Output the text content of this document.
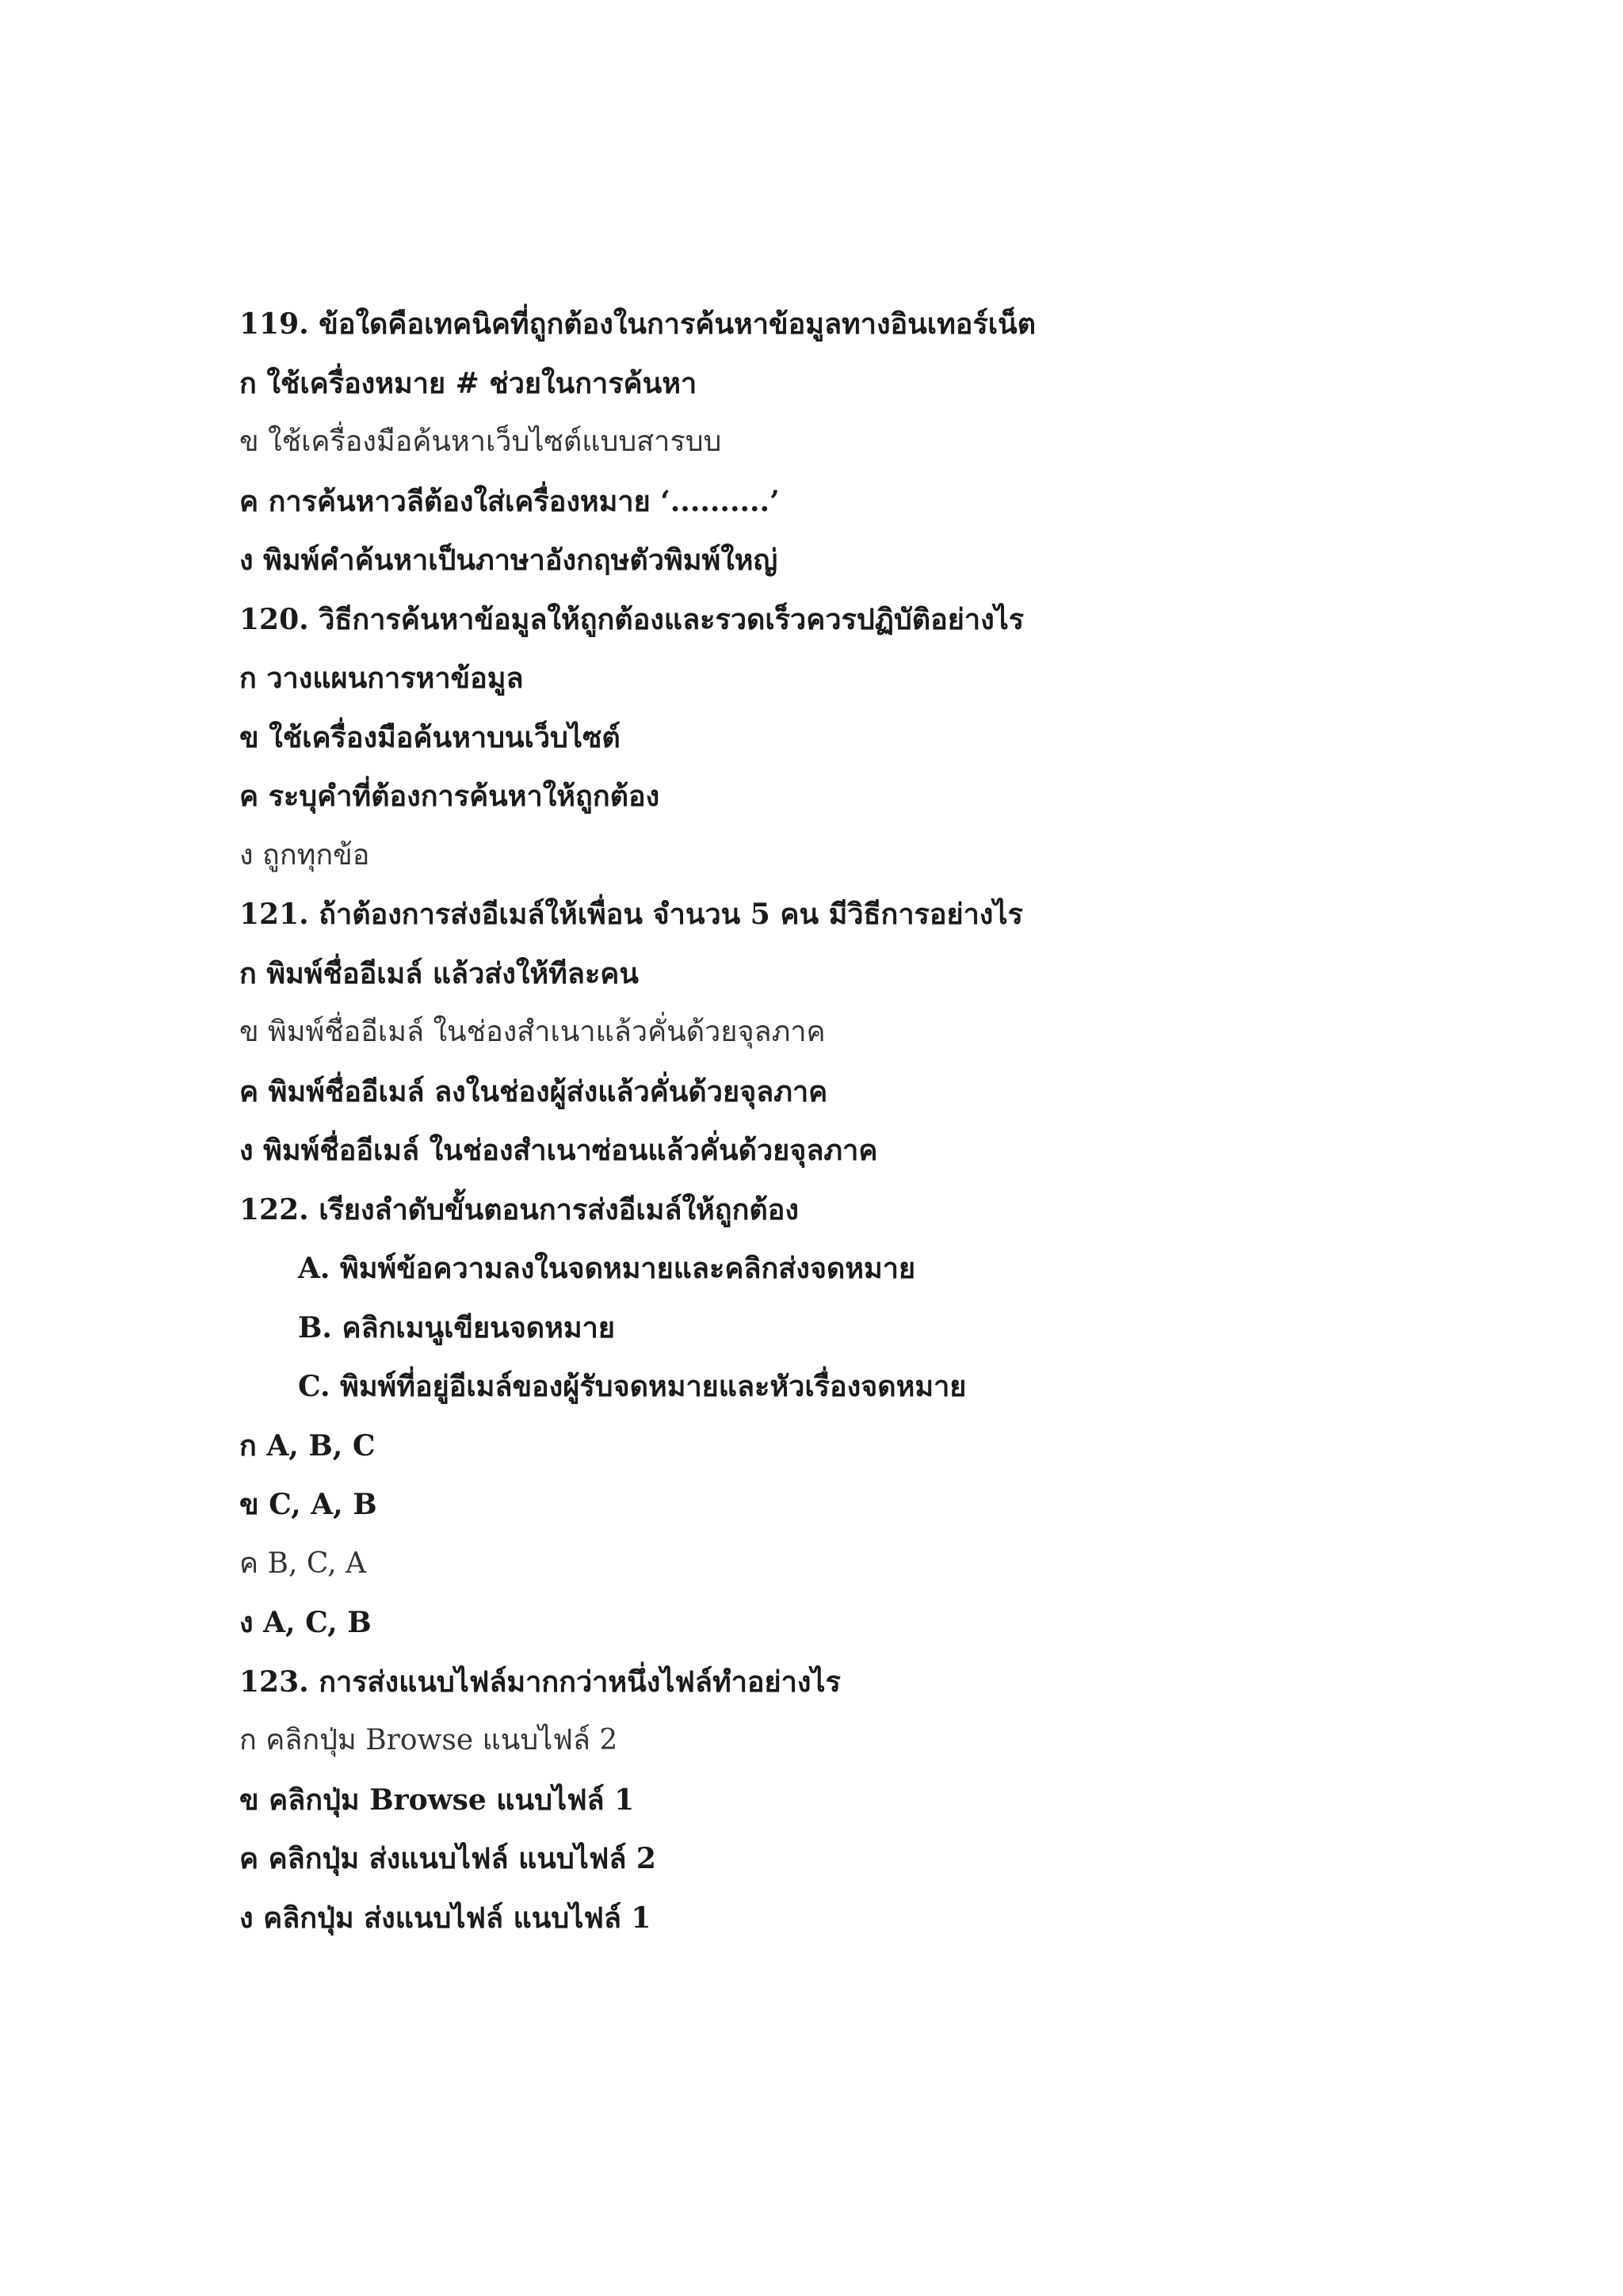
119. ข้อใดคือเทคนิคที่ถูกต้องในการค้นหาข้อมูลทางอินเทอร์เน็ต
ก ใช้เครื่องหมาย # ช่วยในการค้นหา
ข ใช้เครื่องมือค้นหาเว็บไซต์แบบสารบบ
ค การค้นหาวลีต้องใส่เครื่องหมาย ‘..........’
ง พิมพ์คำค้นหาเป็นภาษาอังกฤษตัวพิมพ์ใหญ่
120. วิธีการค้นหาข้อมูลให้ถูกต้องและรวดเร็วควรปฏิบัติอย่างไร
ก วางแผนการหาข้อมูล
ข ใช้เครื่องมือค้นหาบนเว็บไซต์
ค ระบุคำที่ต้องการค้นหาให้ถูกต้อง
ง ถูกทุกข้อ
121. ถ้าต้องการส่งอีเมล์ให้เพื่อน จำนวน 5 คน มีวิธีการอย่างไร
ก พิมพ์ชื่ออีเมล์ แล้วส่งให้ทีละคน
ข พิมพ์ชื่ออีเมล์ ในช่องสำเนาแล้วคั่นด้วยจุลภาค
ค พิมพ์ชื่ออีเมล์ ลงในช่องผู้ส่งแล้วคั่นด้วยจุลภาค
ง พิมพ์ชื่ออีเมล์ ในช่องสำเนาซ่อนแล้วคั่นด้วยจุลภาค
122. เรียงลำดับขั้นตอนการส่งอีเมล์ให้ถูกต้อง
A. พิมพ์ข้อความลงในจดหมายและคลิกส่งจดหมาย
B. คลิกเมนูเขียนจดหมาย
C. พิมพ์ที่อยู่อีเมล์ของผู้รับจดหมายและหัวเรื่องจดหมาย
ก A, B, C
ข C, A, B
ค B, C, A
ง A, C, B
123. การส่งแนบไฟล์มากกว่าหนึ่งไฟล์ทำอย่างไร
ก คลิกปุ่ม Browse แนบไฟล์ 2
ข คลิกปุ่ม Browse แนบไฟล์ 1
ค คลิกปุ่ม ส่งแนบไฟล์ แนบไฟล์ 2
ง คลิกปุ่ม ส่งแนบไฟล์ แนบไฟล์ 1
